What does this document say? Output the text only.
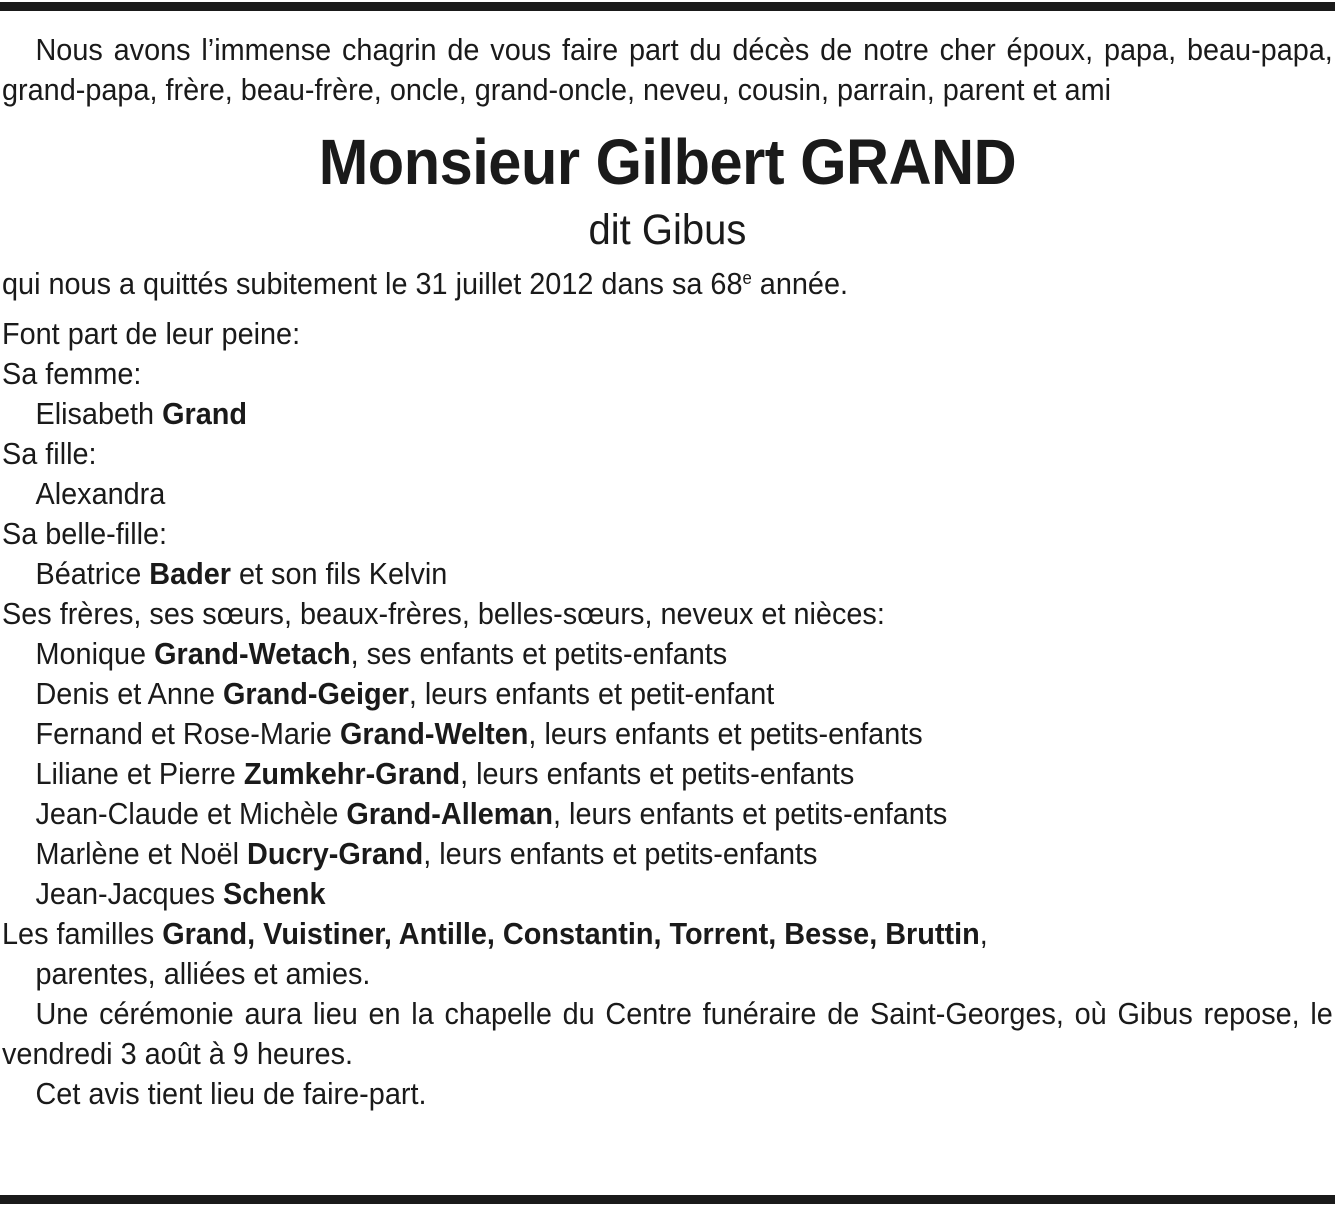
Nous avons l’immense chagrin de vous faire part du décès de notre cher époux, papa, beau-papa, grand-papa, frère, beau-frère, oncle, grand-oncle, neveu, cousin, parrain, parent et ami

Monsieur Gilbert GRAND

dit Gibus

qui nous a quittés subitement le 31 juillet 2012 dans sa 68e année.

Font part de leur peine:

Sa femme:

Elisabeth Grand

Sa fille:

Alexandra

Sa belle-fille:

Béatrice Bader et son fils Kelvin

Ses frères, ses sœurs, beaux-frères, belles-sœurs, neveux et nièces:

Monique Grand-Wetach, ses enfants et petits-enfants

Denis et Anne Grand-Geiger, leurs enfants et petit-enfant

Fernand et Rose-Marie Grand-Welten, leurs enfants et petits-enfants

Liliane et Pierre Zumkehr-Grand, leurs enfants et petits-enfants

Jean-Claude et Michèle Grand-Alleman, leurs enfants et petits-enfants

Marlène et Noël Ducry-Grand, leurs enfants et petits-enfants

Jean-Jacques Schenk

Les familles Grand, Vuistiner, Antille, Constantin, Torrent, Besse, Bruttin,

parentes, alliées et amies.

Une cérémonie aura lieu en la chapelle du Centre funéraire de Saint-Georges, où Gibus repose, le vendredi 3 août à 9 heures.

Cet avis tient lieu de faire-part.
